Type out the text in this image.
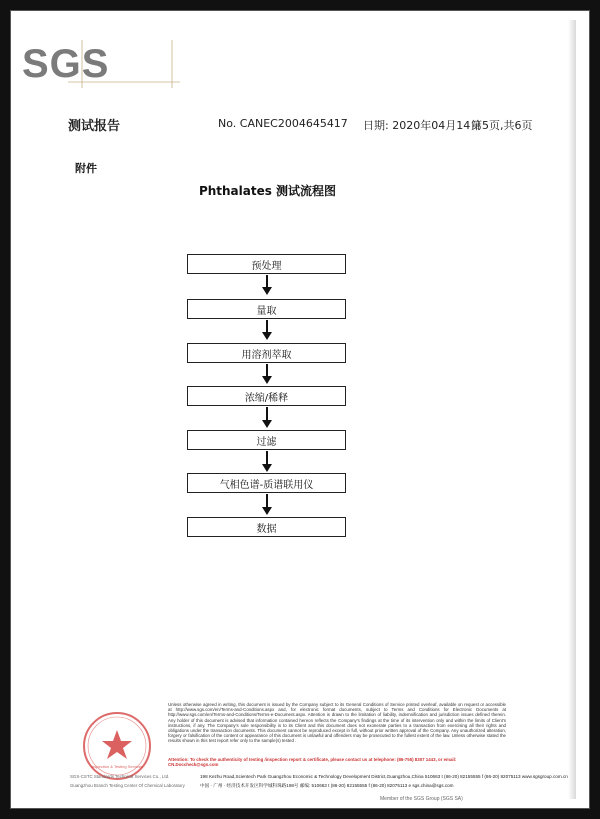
SGS
测试报告	No. CANEC2004645417 日期: 2020年04月14日
第5页,共6页
附件
Phthalates 测试流程图
预处理
量取
用溶剂萃取
浓缩/稀释
过滤
气相色谱-质谱联用仪
数据
Inspection & Testing Services
Unless otherwise agreed in writing, this document is issued by the Company subject to its General Conditions of Service printed overleaf, available on request or accessible at http://www.sgs.com/en/Terms-and-Conditions.aspx and, for electronic format documents, subject to Terms and Conditions for Electronic Documents at http://www.sgs.com/en/Terms-and-Conditions/Terms-e-Document.aspx. Attention is drawn to the limitation of liability, indemnification and jurisdiction issues defined therein. Any holder of this document is advised that information contained hereon reflects the Company's findings at the time of its intervention only and within the limits of Client's instructions, if any. The Company's sole responsibility is to its Client and this document does not exonerate parties to a transaction from exercising all their rights and obligations under the transaction documents. This document cannot be reproduced except in full, without prior written approval of the Company. Any unauthorized alteration, forgery or falsification of the content or appearance of this document is unlawful and offenders may be prosecuted to the fullest extent of the law. Unless otherwise stated the results shown in this test report refer only to the sample(s) tested .
Attention: To check the authenticity of testing /inspection report & certificate, please contact us at telephone: (86-755) 8307 1443, or email: CN.Doccheck@sgs.com
SGS-CSTC Standards Technical Services Co., Ltd.
Guangzhou Branch Testing Center Of Chemical Laboratory
198 Kezhu Road,Scientech Park Guangzhou Economic & Technology Development District,Guangzhou,China 510663 t (86-20) 82155555 f (86-20) 82075113 www.sgsgroup.com.cn
中国 · 广州 · 经济技术开发区科学城科珠路198号 邮编: 510663 t (86-20) 82155555 f (86-20) 82075113 e sgs.china@sgs.com
Member of the SGS Group (SGS SA)
